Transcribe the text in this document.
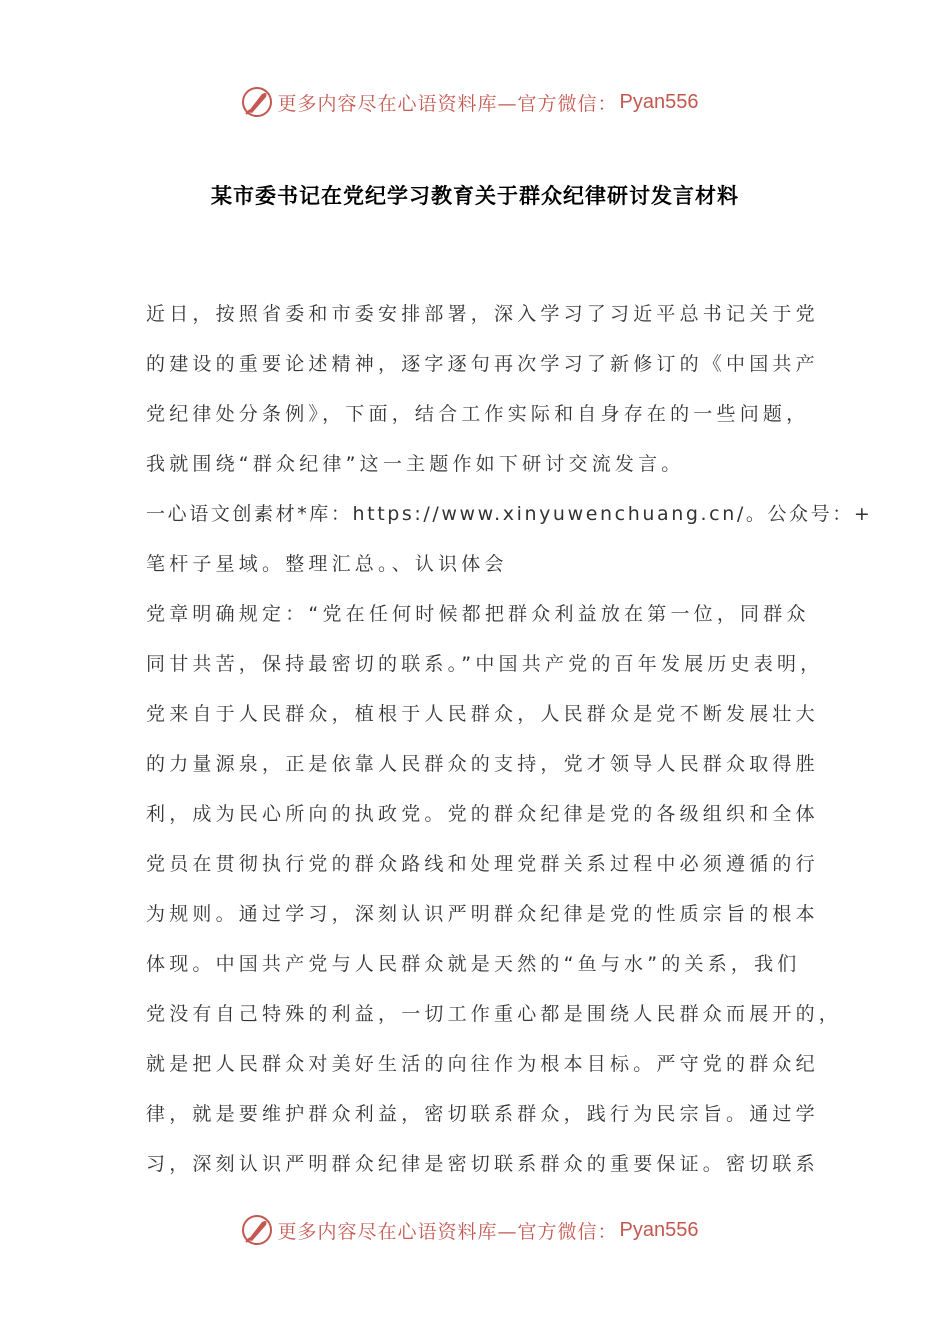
更多内容尽在心语资料库—官方微信： Pyan556
某市委书记在党纪学习教育关于群众纪律研讨发言材料
近日，按照省委和市委安排部署，深入学习了习近平总书记关于党
的建设的重要论述精神，逐字逐句再次学习了新修订的《中国共产
党纪律处分条例》，下面，结合工作实际和自身存在的一些问题，
我就围绕“群众纪律”这一主题作如下研讨交流发言。
一心语文创素材*库：https://www.xinyuwenchuang.cn/。公众号：+
笔杆子星域。整理汇总。、认识体会
党章明确规定：“党在任何时候都把群众利益放在第一位，同群众
同甘共苦，保持最密切的联系。”中国共产党的百年发展历史表明，
党来自于人民群众，植根于人民群众，人民群众是党不断发展壮大
的力量源泉，正是依靠人民群众的支持，党才领导人民群众取得胜
利，成为民心所向的执政党。党的群众纪律是党的各级组织和全体
党员在贯彻执行党的群众路线和处理党群关系过程中必须遵循的行
为规则。通过学习，深刻认识严明群众纪律是党的性质宗旨的根本
体现。中国共产党与人民群众就是天然的“鱼与水”的关系，我们
党没有自己特殊的利益，一切工作重心都是围绕人民群众而展开的，
就是把人民群众对美好生活的向往作为根本目标。严守党的群众纪
律，就是要维护群众利益，密切联系群众，践行为民宗旨。通过学
习，深刻认识严明群众纪律是密切联系群众的重要保证。密切联系
更多内容尽在心语资料库—官方微信： Pyan556
